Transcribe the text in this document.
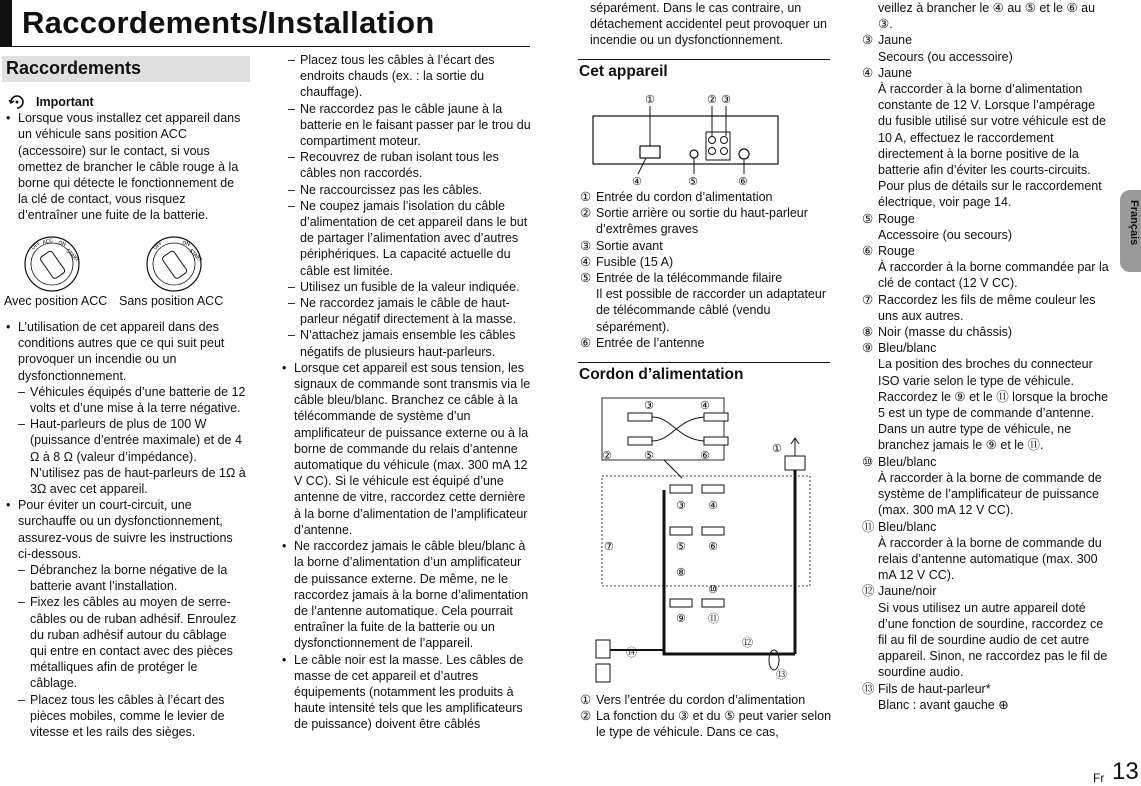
Raccordements/Installation
Raccordements

Important

• Lorsque vous installez cet appareil dans un véhicule sans position ACC (accessoire) sur le contact, si vous omettez de brancher le câble rouge à la borne qui détecte le fonctionnement de la clé de contact, vous risquez d’entraîner une fuite de la batterie.

OFF ACC ON
START
OFF	ON
START
Avec position ACC Sans position ACC

• L’utilisation de cet appareil dans des conditions autres que ce qui suit peut provoquer un incendie ou un dysfonctionnement.

– Véhicules équipés d’une batterie de 12 volts et d’une mise à la terre négative.

– Haut-parleurs de plus de 100 W (puissance d’entrée maximale) et de 4 Ω à 8 Ω (valeur d’impédance). N’utilisez pas de haut-parleurs de 1Ω à 3Ω avec cet appareil.

• Pour éviter un court-circuit, une surchauffe ou un dysfonctionnement, assurez-vous de suivre les instructions ci-dessous.

– Débranchez la borne négative de la batterie avant l’installation.

– Fixez les câbles au moyen de serre-câbles ou de ruban adhésif. Enroulez du ruban adhésif autour du câblage qui entre en contact avec des pièces métalliques afin de protéger le câblage.

– Placez tous les câbles à l’écart des pièces mobiles, comme le levier de vitesse et les rails des sièges.

– Placez tous les câbles à l’écart des endroits chauds (ex. : la sortie du chauffage).

– Ne raccordez pas le câble jaune à la batterie en le faisant passer par le trou du compartiment moteur.

– Recouvrez de ruban isolant tous les câbles non raccordés.

– Ne raccourcissez pas les câbles.

– Ne coupez jamais l’isolation du câble d’alimentation de cet appareil dans le but de partager l’alimentation avec d’autres périphériques. La capacité actuelle du câble est limitée.

– Utilisez un fusible de la valeur indiquée.

– Ne raccordez jamais le câble de haut-parleur négatif directement à la masse.

– N’attachez jamais ensemble les câbles négatifs de plusieurs haut-parleurs.

• Lorsque cet appareil est sous tension, les signaux de commande sont transmis via le câble bleu/blanc. Branchez ce câble à la télécommande de système d’un amplificateur de puissance externe ou à la borne de commande du relais d’antenne automatique du véhicule (max. 300 mA 12 V CC). Si le véhicule est équipé d’une antenne de vitre, raccordez cette dernière à la borne d’alimentation de l’amplificateur d’antenne.

• Ne raccordez jamais le câble bleu/blanc à la borne d’alimentation d’un amplificateur de puissance externe. De même, ne le raccordez jamais à la borne d’alimentation de l’antenne automatique. Cela pourrait entraîner la fuite de la batterie ou un dysfonctionnement de l’appareil.

• Le câble noir est la masse. Les câbles de masse de cet appareil et d’autres équipements (notamment les produits à haute intensité tels que les amplificateurs de puissance) doivent être câblés

séparément. Dans le cas contraire, un détachement accidentel peut provoquer un incendie ou un dysfonctionnement.

Cet appareil
①	② ③
④	⑤	⑥

① Entrée du cordon d’alimentation

② Sortie arrière ou sortie du haut-parleur d’extrêmes graves

③ Sortie avant

④ Fusible (15 A)

⑤ Entrée de la télécommande filaire

Il est possible de raccorder un adaptateur de télécommande câblé (vendu séparément).

⑥ Entrée de l’antenne

Cordon d’alimentation
③	④
②	⑤	⑥
①
③ ④
⑦	⑤ ⑥
⑧
⑩
⑨ ⑪
⑫
⑭
⑬

① Vers l’entrée du cordon d’alimentation

② La fonction du ③ et du ⑤ peut varier selon le type de véhicule. Dans ce cas,

veillez à brancher le ④ au ⑤ et le ⑥ au ③.

③ Jaune

Secours (ou accessoire)

④ Jaune

À raccorder à la borne d’alimentation constante de 12 V. Lorsque l’ampérage du fusible utilisé sur votre véhicule est de 10 A, effectuez le raccordement directement à la borne positive de la batterie afin d’éviter les courts-circuits. Pour plus de détails sur le raccordement électrique, voir page 14.

⑤ Rouge

Accessoire (ou secours)

⑥ Rouge

À raccorder à la borne commandée par la clé de contact (12 V CC).

⑦ Raccordez les fils de même couleur les uns aux autres.

⑧ Noir (masse du châssis)

⑨ Bleu/blanc

La position des broches du connecteur ISO varie selon le type de véhicule. Raccordez le ⑨ et le ⑪ lorsque la broche 5 est un type de commande d’antenne. Dans un autre type de véhicule, ne branchez jamais le ⑨ et le ⑪.

⑩ Bleu/blanc

À raccorder à la borne de commande de système de l’amplificateur de puissance (max. 300 mA 12 V CC).

⑪ Bleu/blanc

À raccorder à la borne de commande du relais d’antenne automatique (max. 300 mA 12 V CC).

⑫ Jaune/noir

Si vous utilisez un autre appareil doté d’une fonction de sourdine, raccordez ce fil au fil de sourdine audio de cet autre appareil. Sinon, ne raccordez pas le fil de sourdine audio.

⑬ Fils de haut-parleur*

Blanc : avant gauche ⊕

Français
Fr 13
